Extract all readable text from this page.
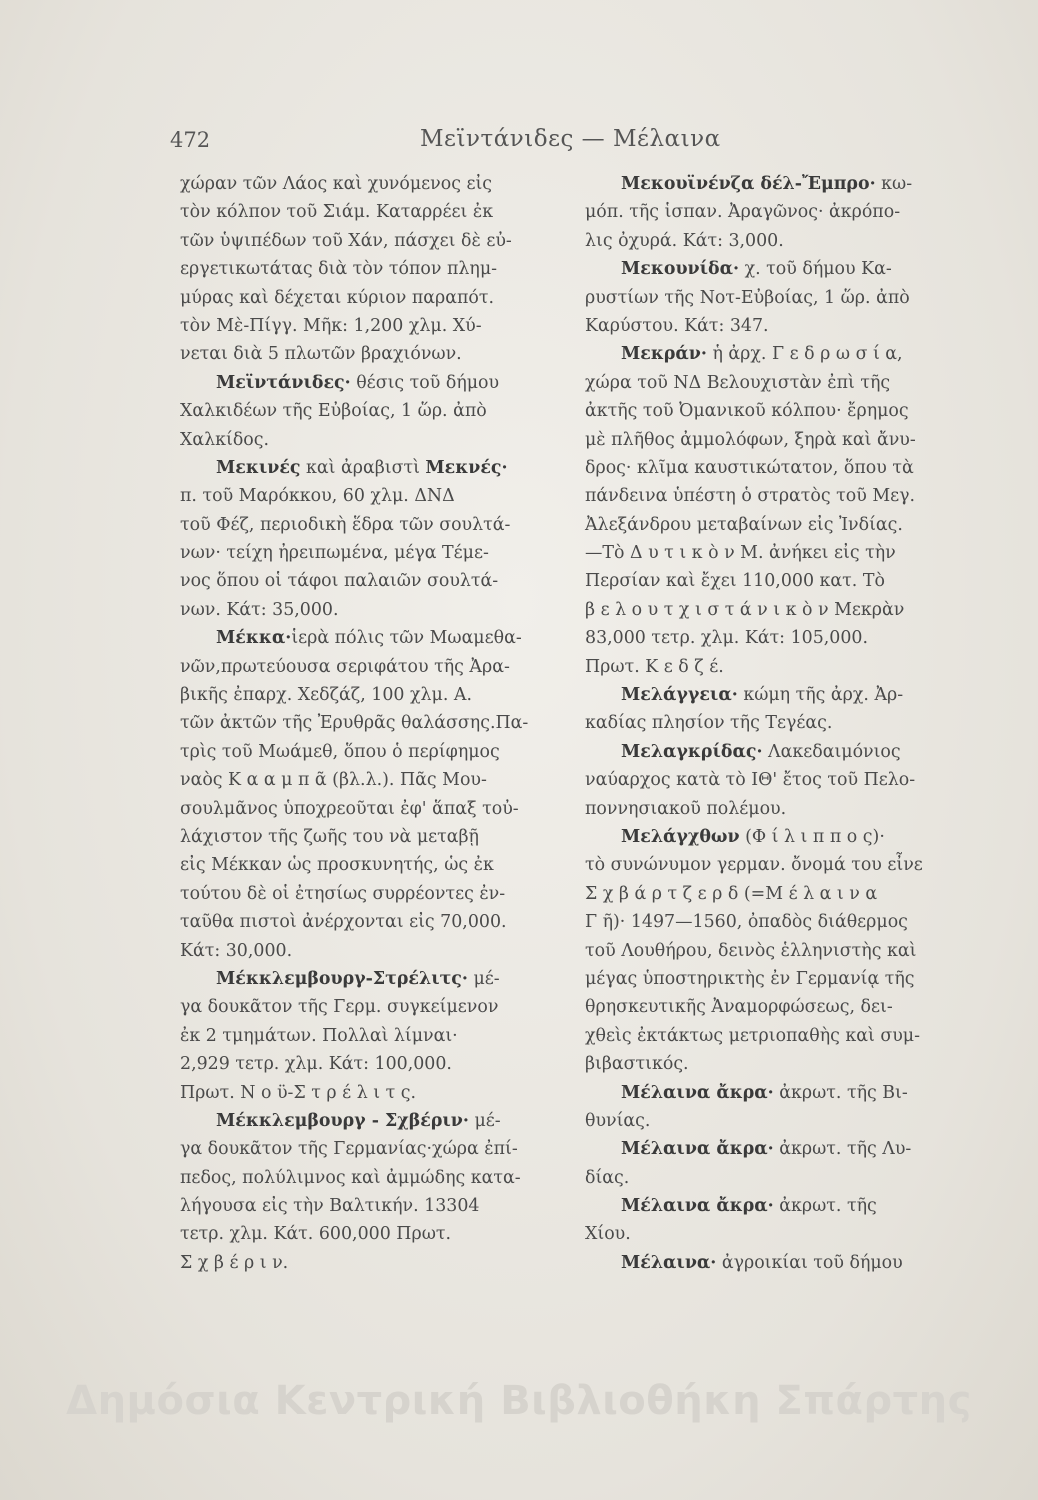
472	Μεϊντάνιδες — Μέλαινα
χώραν τῶν Λάος καὶ χυνόμενος εἰς
τὸν κόλπον τοῦ Σιάμ. Καταρρέει ἐκ
τῶν ὑψιπέδων τοῦ Χάν, πάσχει δὲ εὐ-
εργετικωτάτας διὰ τὸν τόπον πλημ-
μύρας καὶ δέχεται κύριον παραπότ.
τὸν Μὲ-Πίγγ. Μῆκ: 1,200 χλμ. Χύ-
νεται διὰ 5 πλωτῶν βραχιόνων.
Μεϊντάνιδες· θέσις τοῦ δήμου
Χαλκιδέων τῆς Εὐβοίας, 1 ὥρ. ἀπὸ
Χαλκίδος.
Μεκινές καὶ ἀραβιστὶ Μεκνές·
π. τοῦ Μαρόκκου, 60 χλμ. ΔΝΔ
τοῦ Φέζ, περιοδικὴ ἕδρα τῶν σουλτά-
νων· τείχη ἠρειπωμένα, μέγα Τέμε-
νος ὅπου οἱ τάφοι παλαιῶν σουλτά-
νων. Κάτ: 35,000.
Μέκκα·ἱερὰ πόλις τῶν Μωαμεθα-
νῶν,πρωτεύουσα σεριφάτου τῆς Ἀρα-
βικῆς ἐπαρχ. Χεδζάζ, 100 χλμ. Α.
τῶν ἀκτῶν τῆς Ἐρυθρᾶς θαλάσσης.Πα-
τρὶς τοῦ Μωάμεθ, ὅπου ὁ περίφημος
ναὸς Κ α α μ π ᾶ (βλ.λ.). Πᾶς Μου-
σουλμᾶνος ὑποχρεοῦται ἐφ' ἅπαξ τοὐ-
λάχιστον τῆς ζωῆς του νὰ μεταβῇ
εἰς Μέκκαν ὡς προσκυνητής, ὡς ἐκ
τούτου δὲ οἱ ἐτησίως συρρέοντες ἐν-
ταῦθα πιστοὶ ἀνέρχονται εἰς 70,000.
Κάτ: 30,000.
Μέκκλεμβουργ-Στρέλιτς· μέ-
γα δουκᾶτον τῆς Γερμ. συγκείμενον
ἐκ 2 τμημάτων. Πολλαὶ λίμναι·
2,929 τετρ. χλμ. Κάτ: 100,000.
Πρωτ. Ν ο ϋ-Σ τ ρ έ λ ι τ ς.
Μέκκλεμβουργ - Σχβέριν· μέ-
γα δουκᾶτον τῆς Γερμανίας·χώρα ἐπί-
πεδος, πολύλιμνος καὶ ἀμμώδης κατα-
λήγουσα εἰς τὴν Βαλτικήν. 13304
τετρ. χλμ. Κάτ. 600,000 Πρωτ.
Σ χ β έ ρ ι ν.
Μεκουϊνένζα δέλ-Ἔμπρο· κω-
μόπ. τῆς ἱσπαν. Ἀραγῶνος· ἀκρόπο-
λις ὀχυρά. Κάτ: 3,000.
Μεκουνίδα· χ. τοῦ δήμου Κα-
ρυστίων τῆς Νοτ-Εὐβοίας, 1 ὥρ. ἀπὸ
Καρύστου. Κάτ: 347.
Μεκράν· ἡ ἀρχ. Γ ε δ ρ ω σ ί α,
χώρα τοῦ ΝΔ Βελουχιστὰν ἐπὶ τῆς
ἀκτῆς τοῦ Ὀμανικοῦ κόλπου· ἔρημος
μὲ πλῆθος ἀμμολόφων, ξηρὰ καὶ ἄνυ-
δρος· κλῖμα καυστικώτατον, ὅπου τὰ
πάνδεινα ὑπέστη ὁ στρατὸς τοῦ Μεγ.
Ἀλεξάνδρου μεταβαίνων εἰς Ἰνδίας.
—Τὸ Δ υ τ ι κ ὸ ν Μ. ἀνήκει εἰς τὴν
Περσίαν καὶ ἔχει 110,000 κατ. Τὸ
β ε λ ο υ τ χ ι σ τ ά ν ι κ ὸ ν Μεκρὰν
83,000 τετρ. χλμ. Κάτ: 105,000.
Πρωτ. Κ ε δ ζ έ.
Μελάγγεια· κώμη τῆς ἀρχ. Ἀρ-
καδίας πλησίον τῆς Τεγέας.
Μελαγκρίδας· Λακεδαιμόνιος
ναύαρχος κατὰ τὸ ΙΘ' ἔτος τοῦ Πελο-
ποννησιακοῦ πολέμου.
Μελάγχθων (Φ ί λ ι π π ο ς)·
τὸ συνώνυμον γερμαν. ὄνομά του εἶνε
Σ χ β ά ρ τ ζ ε ρ δ (=Μ έ λ α ι ν α
Γ ῆ)· 1497—1560, ὀπαδὸς διάθερμος
τοῦ Λουθήρου, δεινὸς ἑλληνιστὴς καὶ
μέγας ὑποστηρικτὴς ἐν Γερμανίᾳ τῆς
θρησκευτικῆς Ἀναμορφώσεως, δει-
χθεὶς ἐκτάκτως μετριοπαθὴς καὶ συμ-
βιβαστικός.
Μέλαινα ἄκρα· ἀκρωτ. τῆς Βι-
θυνίας.
Μέλαινα ἄκρα· ἀκρωτ. τῆς Λυ-
δίας.
Μέλαινα ἄκρα· ἀκρωτ. τῆς
Χίου.
Μέλαινα· ἀγροικίαι τοῦ δήμου
Δημόσια Κεντρική Βιβλιοθήκη Σπάρτης
